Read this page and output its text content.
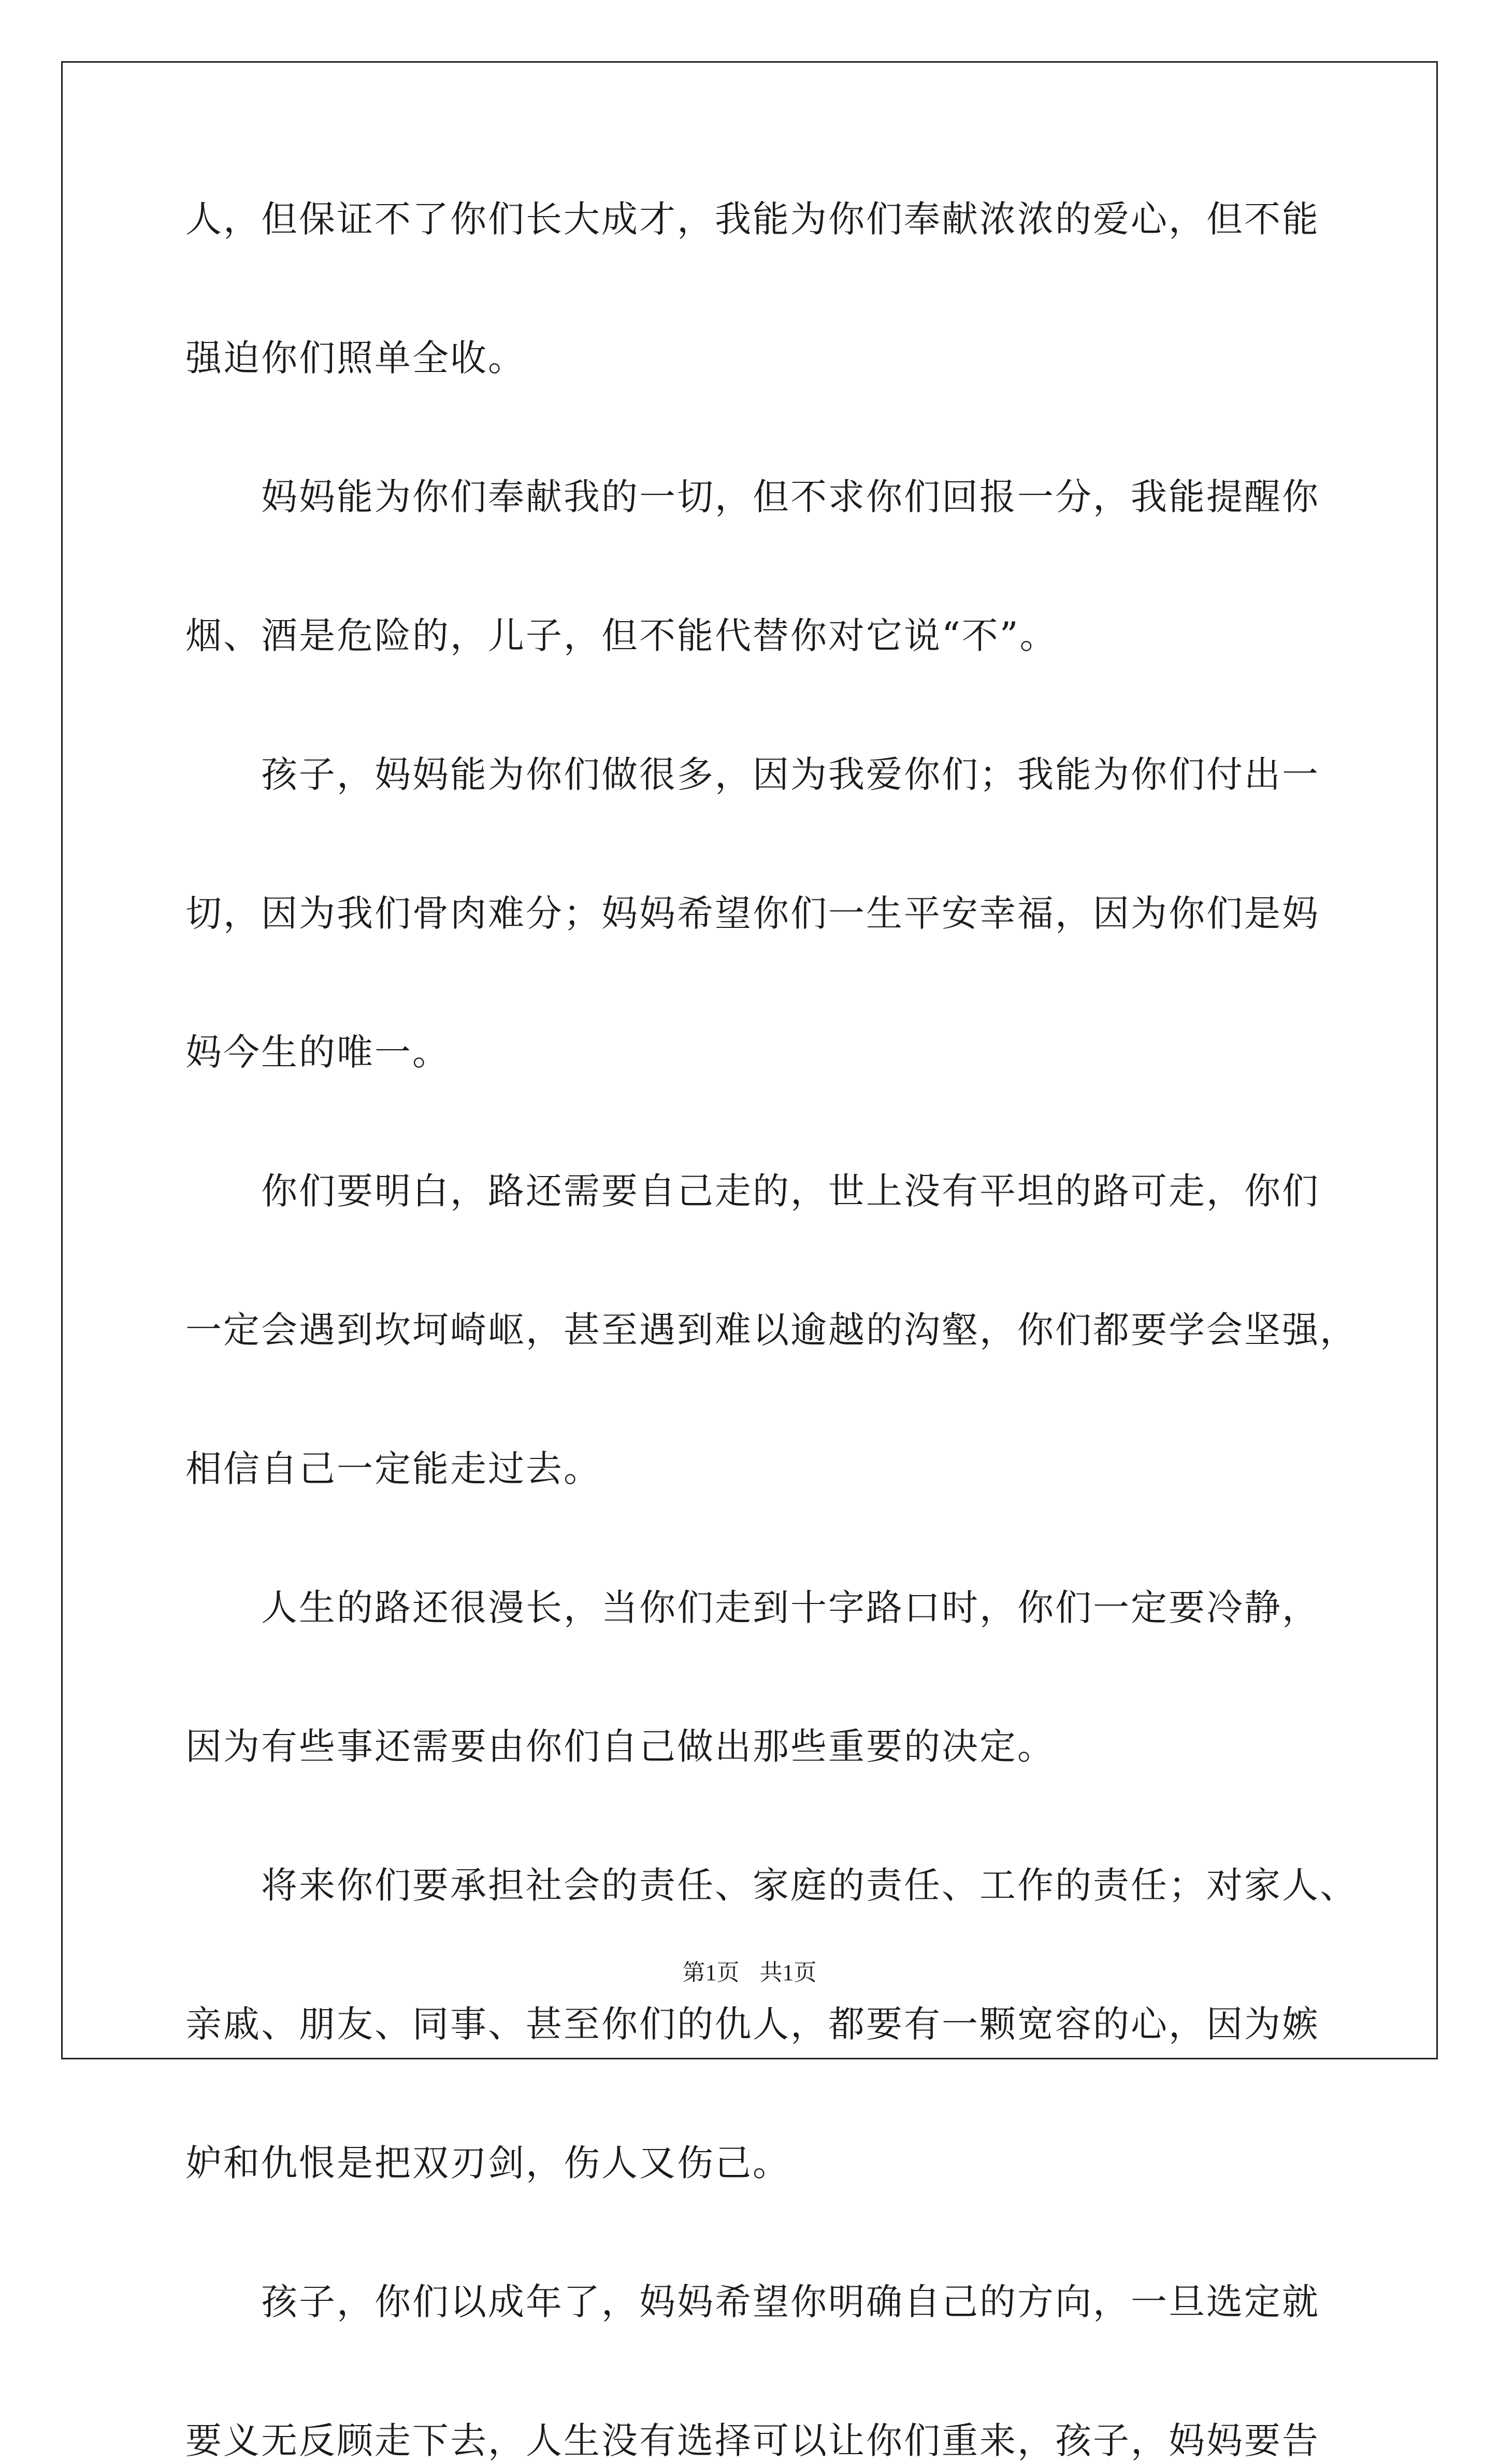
人，但保证不了你们长大成才，我能为你们奉献浓浓的爱心，但不能
强迫你们照单全收。
　　妈妈能为你们奉献我的一切，但不求你们回报一分，我能提醒你
烟、酒是危险的，儿子，但不能代替你对它说“不”。
　　孩子，妈妈能为你们做很多，因为我爱你们；我能为你们付出一
切，因为我们骨肉难分；妈妈希望你们一生平安幸福，因为你们是妈
妈今生的唯一。
　　你们要明白，路还需要自己走的，世上没有平坦的路可走，你们
一定会遇到坎坷崎岖，甚至遇到难以逾越的沟壑，你们都要学会坚强，
相信自己一定能走过去。
　　人生的路还很漫长，当你们走到十字路口时，你们一定要冷静，
因为有些事还需要由你们自己做出那些重要的决定。
　　将来你们要承担社会的责任、家庭的责任、工作的责任；对家人、
亲戚、朋友、同事、甚至你们的仇人，都要有一颗宽容的心，因为嫉
妒和仇恨是把双刃剑，伤人又伤己。
　　孩子，你们以成年了，妈妈希望你明确自己的方向，一旦选定就
要义无反顾走下去，人生没有选择可以让你们重来，孩子，妈妈要告
第1页 共1页
